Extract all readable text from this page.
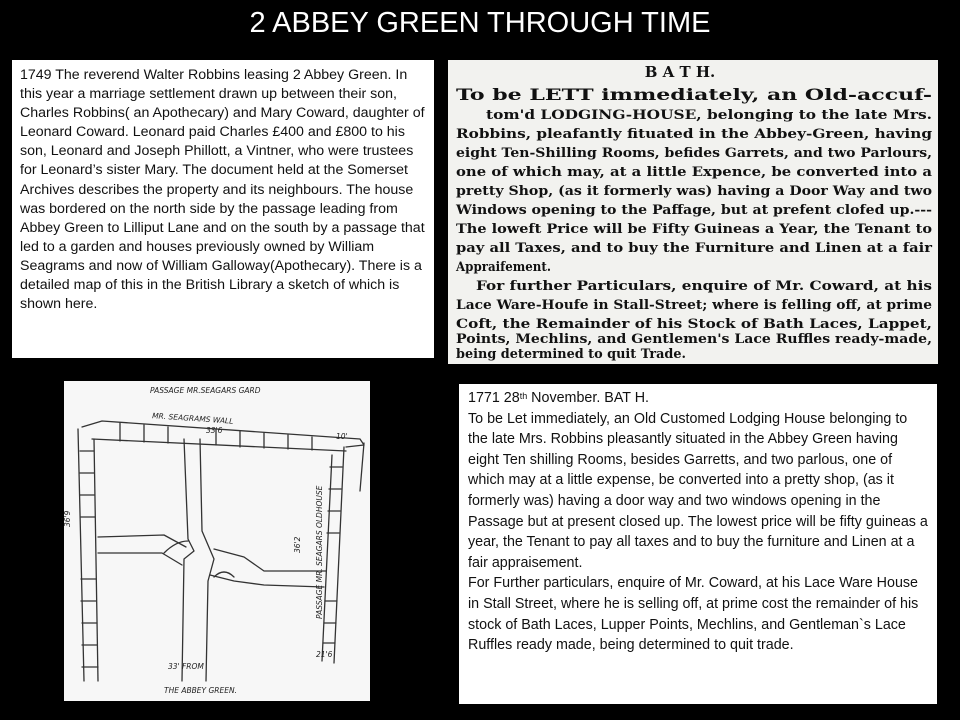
2 ABBEY GREEN THROUGH TIME
1749 The reverend Walter Robbins leasing 2 Abbey Green. In this year a marriage settlement drawn up between their son, Charles Robbins( an Apothecary) and Mary Coward, daughter of Leonard Coward. Leonard paid Charles £400 and £800 to his son, Leonard and Joseph Phillott, a Vintner, who were trustees for Leonard’s sister Mary. The document held at the Somerset Archives describes the property and its neighbours. The house was bordered on the north side by the passage leading from Abbey Green to Lilliput Lane and on the south by a passage that led to a garden and houses previously owned by William Seagrams and now of William Galloway(Apothecary). There is a detailed map of this in the British Library a sketch of which is shown here.
B A T H.
To be LETT immediately, an Old-accuf-
tom'd LODGING-HOUSE, belonging to the late Mrs.
Robbins, pleafantly fituated in the Abbey-Green, having
eight Ten-Shilling Rooms, befides Garrets, and two Parlours,
one of which may, at a little Expence, be converted into a
pretty Shop, (as it formerly was) having a Door Way and two
Windows opening to the Paffage, but at prefent clofed up.---
The loweft Price will be Fifty Guineas a Year, the Tenant to
pay all Taxes, and to buy the Furniture and Linen at a fair
Appraifement.
For further Particulars, enquire of Mr. Coward, at his
Lace Ware-Houfe in Stall-Street; where is felling off, at prime
Coft, the Remainder of his Stock of Bath Laces, Lappet,
Points, Mechlins, and Gentlemen's Lace Ruffles ready-made,
being determined to quit Trade.
PASSAGE MR.SEAGARS GARD
MR. SEAGRAMS WALL
33'6
10'
36'9
36'2 PASSAGE MR. SEAGARS OLDHOUSE
21'6
33' FROM
THE ABBEY GREEN.

1771 28th November. BAT H.

To be Let immediately, an Old Customed Lodging House belonging to the late Mrs. Robbins pleasantly situated in the Abbey Green having eight Ten shilling Rooms, besides Garretts, and two parlous, one of which may at a little expense, be converted into a pretty shop, (as it formerly was) having a door way and two windows opening in the Passage but at present closed up. The lowest price will be fifty guineas a year, the Tenant to pay all taxes and to buy the furniture and Linen at a fair appraisement.

For Further particulars, enquire of Mr. Coward, at his Lace Ware House in Stall Street, where he is selling off, at prime cost the remainder of his stock of Bath Laces, Lupper Points, Mechlins, and Gentleman`s Lace Ruffles ready made, being determined to quit trade.
